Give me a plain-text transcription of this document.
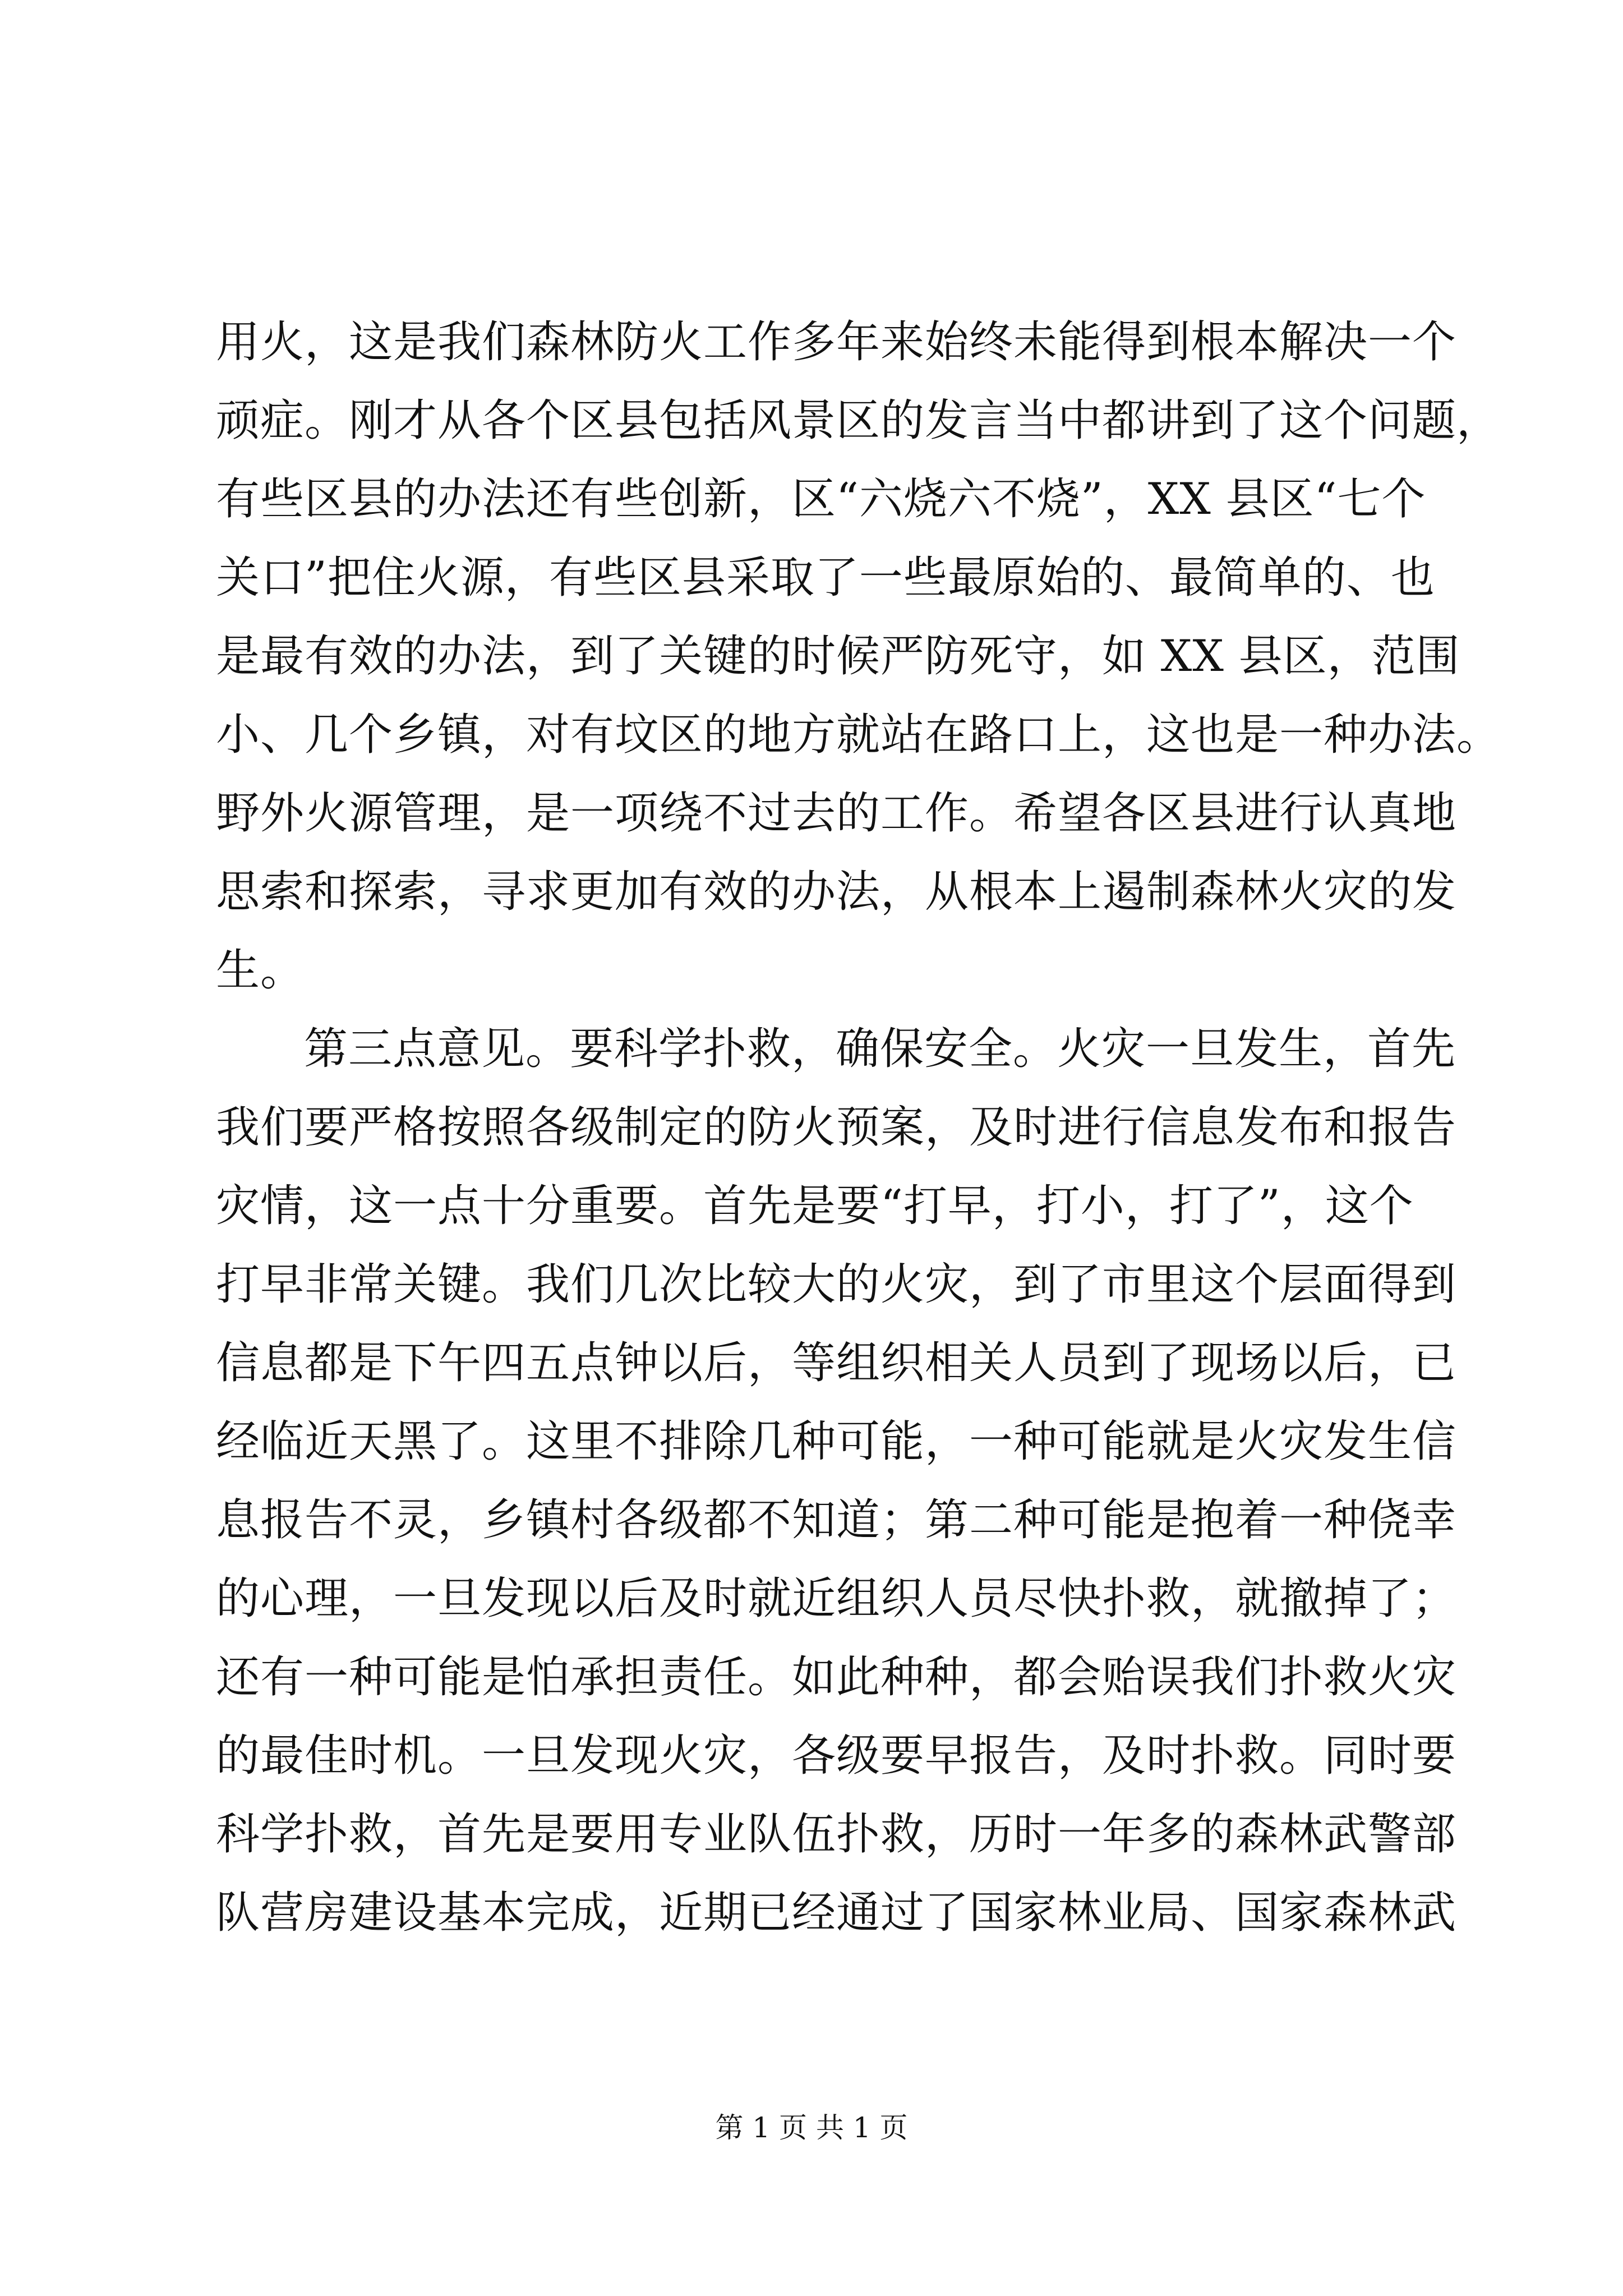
用火，这是我们森林防火工作多年来始终未能得到根本解决一个
顽症。刚才从各个区县包括风景区的发言当中都讲到了这个问题，
有些区县的办法还有些创新，区“六烧六不烧”，XX 县区“七个
关口”把住火源，有些区县采取了一些最原始的、最简单的、也
是最有效的办法，到了关键的时候严防死守，如 XX 县区，范围
小、几个乡镇，对有坟区的地方就站在路口上，这也是一种办法。
野外火源管理，是一项绕不过去的工作。希望各区县进行认真地
思索和探索，寻求更加有效的办法，从根本上遏制森林火灾的发
生。
第三点意见。要科学扑救，确保安全。火灾一旦发生，首先
我们要严格按照各级制定的防火预案，及时进行信息发布和报告
灾情，这一点十分重要。首先是要“打早，打小，打了”，这个
打早非常关键。我们几次比较大的火灾，到了市里这个层面得到
信息都是下午四五点钟以后，等组织相关人员到了现场以后，已
经临近天黑了。这里不排除几种可能，一种可能就是火灾发生信
息报告不灵，乡镇村各级都不知道；第二种可能是抱着一种侥幸
的心理，一旦发现以后及时就近组织人员尽快扑救，就撤掉了；
还有一种可能是怕承担责任。如此种种，都会贻误我们扑救火灾
的最佳时机。一旦发现火灾，各级要早报告，及时扑救。同时要
科学扑救，首先是要用专业队伍扑救，历时一年多的森林武警部
队营房建设基本完成，近期已经通过了国家林业局、国家森林武
第 1 页 共 1 页
